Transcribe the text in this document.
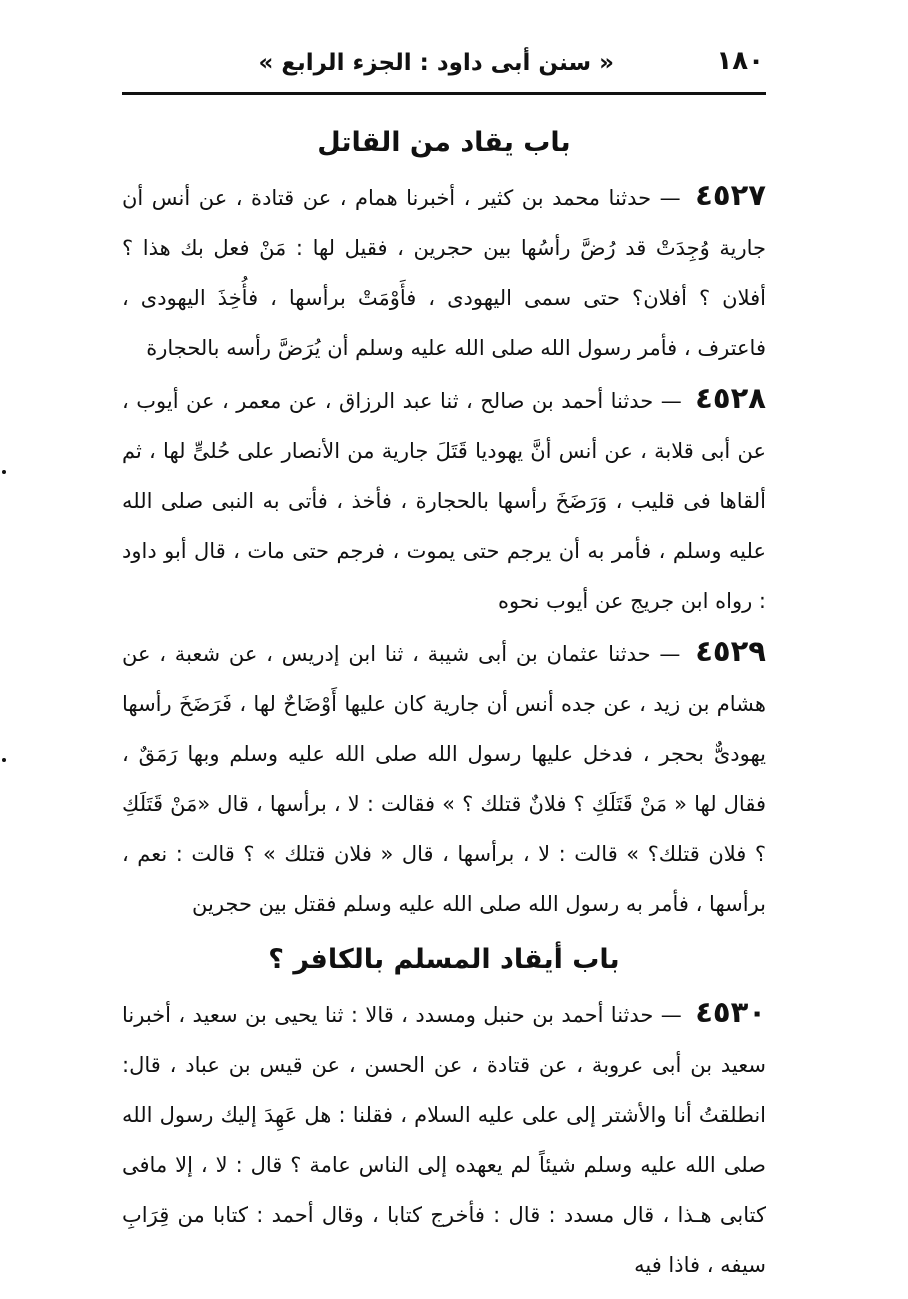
١٨٠
« سنن أبى داود : الجزء الرابع »
باب يقاد من القاتل

٤٥٢٧ — حدثنا محمد بن كثير ، أخبرنا همام ، عن قتادة ، عن أنس أن جارية وُجِدَتْ قد رُضَّ رأسُها بين حجرين ، فقيل لها : مَنْ فعل بك هذا ؟ أفلان ؟ أفلان؟ حتى سمى اليهودى ، فأَوْمَتْ برأسها ، فأُخِذَ اليهودى ، فاعترف ، فأمر رسول الله صلى الله عليه وسلم أن يُرَضَّ رأسه بالحجارة

٤٥٢٨ — حدثنا أحمد بن صالح ، ثنا عبد الرزاق ، عن معمر ، عن أيوب ، عن أبى قلابة ، عن أنس أنَّ يهوديا قَتَلَ جارية من الأنصار على حُلىٍّ لها ، ثم ألقاها فى قليب ، وَرَضَخَ رأسها بالحجارة ، فأخذ ، فأتى به النبى صلى الله عليه وسلم ، فأمر به أن يرجم حتى يموت ، فرجم حتى مات ، قال أبو داود : رواه ابن جريج عن أيوب نحوه

٤٥٢٩ — حدثنا عثمان بن أبى شيبة ، ثنا ابن إدريس ، عن شعبة ، عن هشام بن زيد ، عن جده أنس أن جارية كان عليها أَوْضَاحٌ لها ، فَرَضَخَ رأسها يهودىٌّ بحجر ، فدخل عليها رسول الله صلى الله عليه وسلم وبها رَمَقٌ ، فقال لها « مَنْ قَتَلَكِ ؟ فلانٌ قتلك ؟ » فقالت : لا ، برأسها ، قال «مَنْ قَتَلَكِ ؟ فلان قتلك؟ » قالت : لا ، برأسها ، قال « فلان قتلك » ؟ قالت : نعم ، برأسها ، فأمر به رسول الله صلى الله عليه وسلم فقتل بين حجرين

باب أيقاد المسلم بالكافر ؟

٤٥٣٠ — حدثنا أحمد بن حنبل ومسدد ، قالا : ثنا يحيى بن سعيد ، أخبرنا سعيد بن أبى عروبة ، عن قتادة ، عن الحسن ، عن قيس بن عباد ، قال: انطلقتُ أنا والأشتر إلى على عليه السلام ، فقلنا : هل عَهِدَ إليك رسول الله صلى الله عليه وسلم شيئاً لم يعهده إلى الناس عامة ؟ قال : لا ، إلا مافى كتابى هـذا ، قال مسدد : قال : فأخرج كتابا ، وقال أحمد : كتابا من قِرَابِ سيفه ، فاذا فيه
